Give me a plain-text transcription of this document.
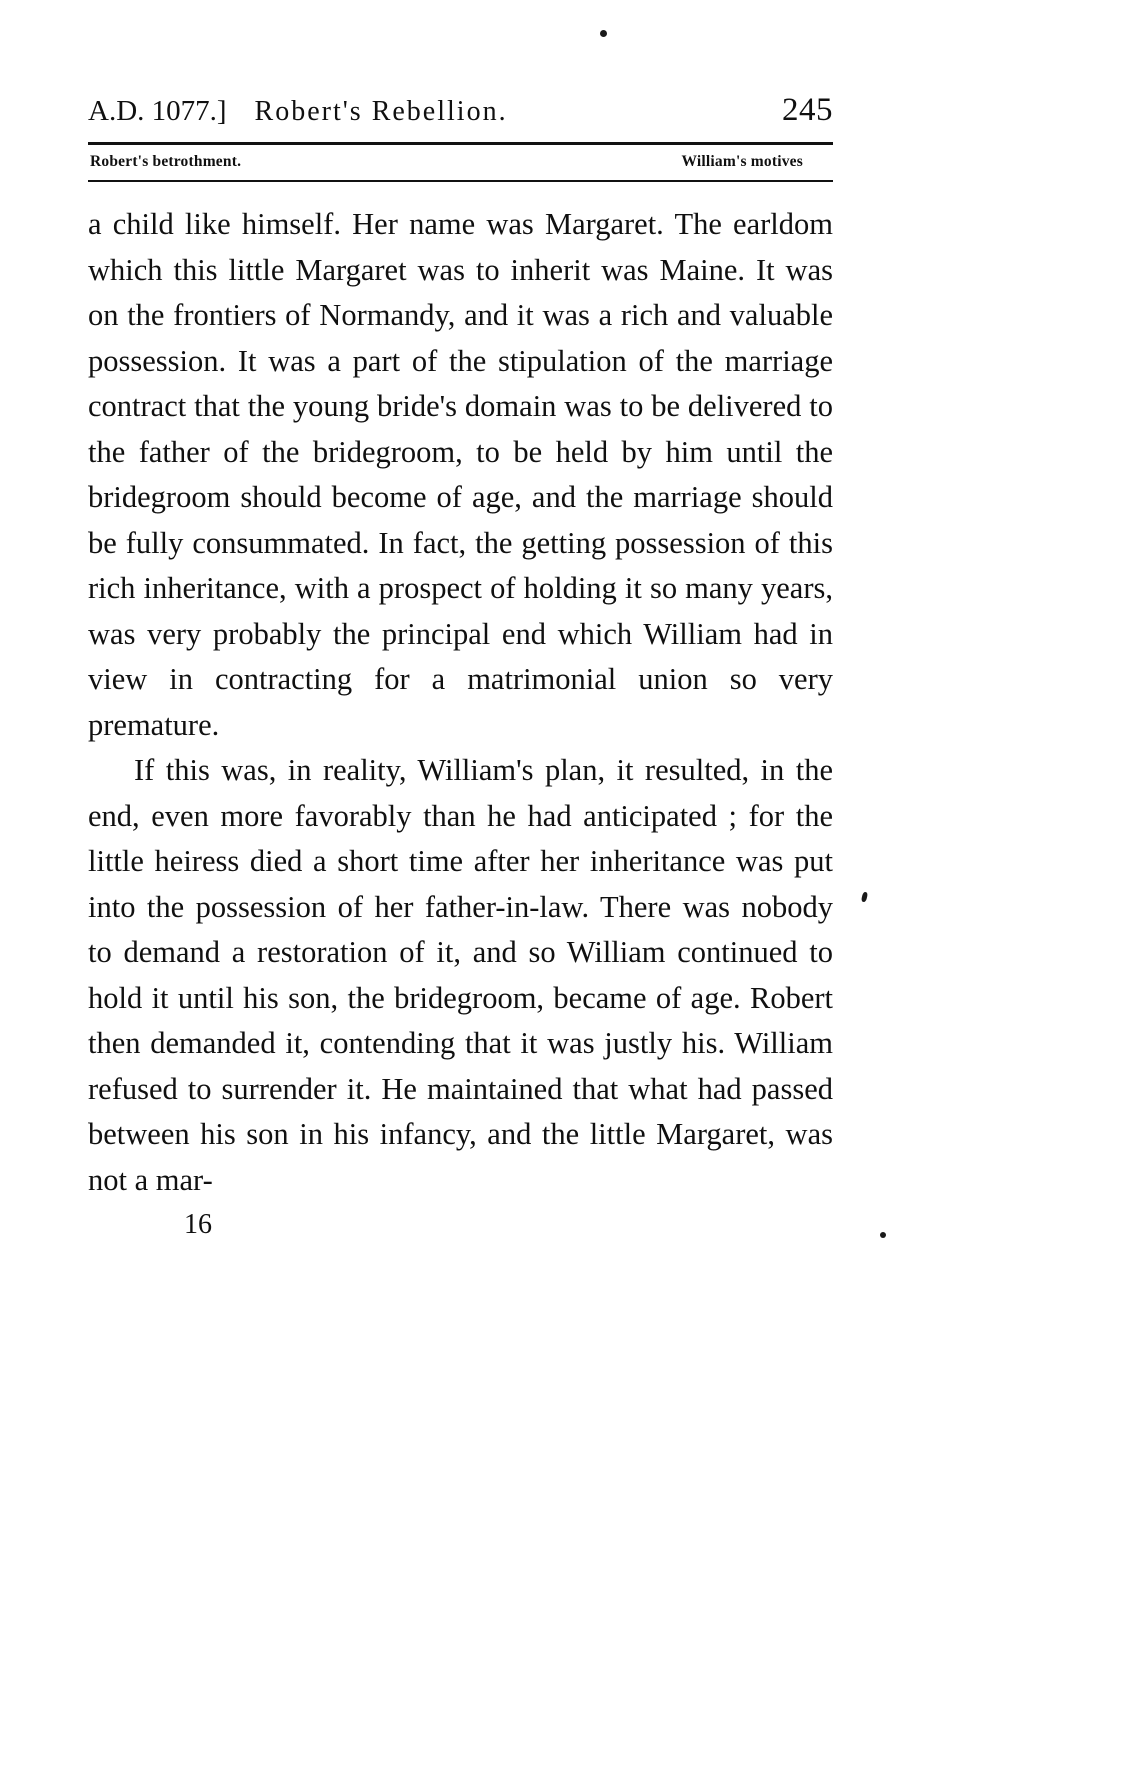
A.D. 1077.]	Robert's Rebellion.	245
Robert's betrothment.	William's motives

a child like himself. Her name was Margaret. The earldom which this little Margaret was to inherit was Maine. It was on the frontiers of Normandy, and it was a rich and valuable possession. It was a part of the stipulation of the marriage contract that the young bride's domain was to be delivered to the father of the bridegroom, to be held by him until the bridegroom should become of age, and the marriage should be fully consummated. In fact, the getting possession of this rich inheritance, with a prospect of holding it so many years, was very probably the principal end which William had in view in contracting for a matrimonial union so very premature.

If this was, in reality, William's plan, it resulted, in the end, even more favorably than he had anticipated ; for the little heiress died a short time after her inheritance was put into the possession of her father-in-law. There was nobody to demand a restoration of it, and so William continued to hold it until his son, the bridegroom, became of age. Robert then demanded it, contending that it was justly his. William refused to surrender it. He maintained that what had passed between his son in his infancy, and the little Margaret, was not a mar-

16
